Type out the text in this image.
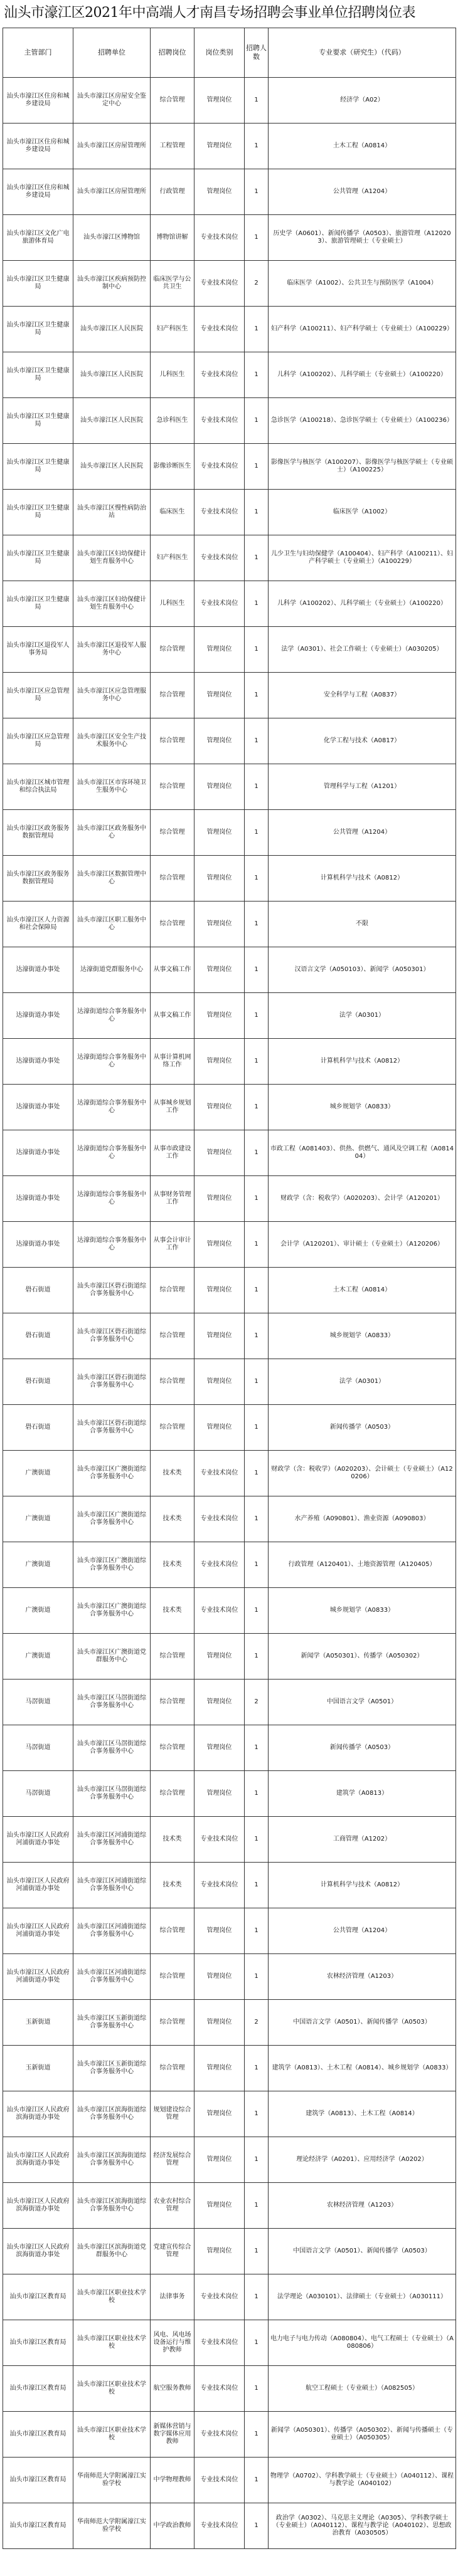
汕头市濠江区2021年中高端人才南昌专场招聘会事业单位招聘岗位表
主管部门	招聘单位	招聘岗位	岗位类别	招聘人数	专业要求（研究生）（代码）
汕头市濠江区住房和城乡建设局	汕头市濠江区房屋安全鉴定中心	综合管理	管理岗位	1	经济学（A02）
汕头市濠江区住房和城乡建设局	汕头市濠江区房屋管理所	工程管理	管理岗位	1	土木工程（A0814）
汕头市濠江区住房和城乡建设局	汕头市濠江区房屋管理所	行政管理	管理岗位	1	公共管理（A1204）
汕头市濠江区文化广电旅游体育局	汕头市濠江区博物馆	博物馆讲解	专业技术岗位	1	历史学（A0601）、新闻传播学（A0503）、旅游管理（A120203）、旅游管理硕士（专业硕士）
汕头市濠江区卫生健康局	汕头市濠江区疾病预防控制中心	临床医学与公共卫生	专业技术岗位	2	临床医学（A1002）、公共卫生与预防医学（A1004）
汕头市濠江区卫生健康局	汕头市濠江区人民医院	妇产科医生	专业技术岗位	1	妇产科学（A100211）、妇产科学硕士（专业硕士）（A100229）
汕头市濠江区卫生健康局	汕头市濠江区人民医院	儿科医生	专业技术岗位	1	儿科学（A100202）、儿科学硕士（专业硕士）（A100220）
汕头市濠江区卫生健康局	汕头市濠江区人民医院	急诊科医生	专业技术岗位	1	急诊医学（A100218）、急诊医学硕士（专业硕士）（A100236）
汕头市濠江区卫生健康局	汕头市濠江区人民医院	影像诊断医生	专业技术岗位	1	影像医学与核医学（A100207）、影像医学与核医学硕士（专业硕士）（A100225）
汕头市濠江区卫生健康局	汕头市濠江区慢性病防治站	临床医生	专业技术岗位	1	临床医学（A1002）
汕头市濠江区卫生健康局	汕头市濠江区妇幼保健计划生育服务中心	妇产科医生	专业技术岗位	1	儿少卫生与妇幼保健学（A100404）、妇产科学（A100211）、妇产科学硕士（专业硕士）（A100229）
汕头市濠江区卫生健康局	汕头市濠江区妇幼保健计划生育服务中心	儿科医生	专业技术岗位	1	儿科学（A100202）、儿科学硕士（专业硕士）（A100220）
汕头市濠江区退役军人事务局	汕头市濠江区退役军人服务中心	综合管理	管理岗位	1	法学（A0301）、社会工作硕士（专业硕士）（A030205）
汕头市濠江区应急管理局	汕头市濠江区应急管理服务中心	综合管理	管理岗位	1	安全科学与工程（A0837）
汕头市濠江区应急管理局	汕头市濠江区安全生产技术服务中心	综合管理	管理岗位	1	化学工程与技术（A0817）
汕头市濠江区城市管理和综合执法局	汕头市濠江区市容环境卫生服务中心	综合管理	管理岗位	1	管理科学与工程（A1201）
汕头市濠江区政务服务数据管理局	汕头市濠江区政务服务中心	综合管理	管理岗位	1	公共管理（A1204）
汕头市濠江区政务服务数据管理局	汕头市濠江区数据管理中心	综合管理	管理岗位	1	计算机科学与技术（A0812）
汕头市濠江区人力资源和社会保障局	汕头市濠江区职工服务中心	综合管理	管理岗位	1	不限
达濠街道办事处	达濠街道党群服务中心	从事文稿工作	管理岗位	1	汉语言文学（A050103）、新闻学（A050301）
达濠街道办事处	达濠街道综合事务服务中心	从事文稿工作	管理岗位	1	法学（A0301）
达濠街道办事处	达濠街道综合事务服务中心	从事计算机网络工作	管理岗位	1	计算机科学与技术（A0812）
达濠街道办事处	达濠街道综合事务服务中心	从事城乡规划工作	管理岗位	1	城乡规划学（A0833）
达濠街道办事处	达濠街道综合事务服务中心	从事市政建设工作	管理岗位	1	市政工程（A081403）、供热、供燃气、通风及空调工程（A081404）
达濠街道办事处	达濠街道综合事务服务中心	从事财务管理工作	管理岗位	1	财政学（含：税收学）（A020203）、会计学（A120201）
达濠街道办事处	达濠街道综合事务服务中心	从事会计审计工作	管理岗位	1	会计学（A120201）、审计硕士（专业硕士）（A120206）
礐石街道	汕头市濠江区礐石街道综合事务服务中心	综合管理	管理岗位	1	土木工程（A0814）
礐石街道	汕头市濠江区礐石街道综合事务服务中心	综合管理	管理岗位	1	城乡规划学（A0833）
礐石街道	汕头市濠江区礐石街道综合事务服务中心	综合管理	管理岗位	1	法学（A0301）
礐石街道	汕头市濠江区礐石街道综合事务服务中心	综合管理	管理岗位	1	新闻传播学（A0503）
广澳街道	汕头市濠江区广澳街道综合事务服务中心	技术类	专业技术岗位	1	财政学（含：税收学）（A020203）、会计硕士（专业硕士）（A120206）
广澳街道	汕头市濠江区广澳街道综合事务服务中心	技术类	专业技术岗位	1	水产养殖（A090801）、渔业资源（A090803）
广澳街道	汕头市濠江区广澳街道综合事务服务中心	技术类	专业技术岗位	1	行政管理（A120401）、土地资源管理（A120405）
广澳街道	汕头市濠江区广澳街道综合事务服务中心	技术类	专业技术岗位	1	城乡规划学（A0833）
广澳街道	汕头市濠江区广澳街道党群服务中心	综合管理	管理岗位	1	新闻学（A050301）、传播学（A050302）
马滘街道	汕头市濠江区马滘街道综合事务服务中心	综合管理	管理岗位	2	中国语言文学（A0501）
马滘街道	汕头市濠江区马滘街道综合事务服务中心	综合管理	管理岗位	1	新闻传播学（A0503）
马滘街道	汕头市濠江区马滘街道综合事务服务中心	综合管理	管理岗位	1	建筑学（A0813）
汕头市濠江区人民政府河浦街道办事处	汕头市濠江区河浦街道综合事务服务中心	技术类	专业技术岗位	1	工商管理（A1202）
汕头市濠江区人民政府河浦街道办事处	汕头市濠江区河浦街道综合事务服务中心	技术类	专业技术岗位	1	计算机科学与技术（A0812）
汕头市濠江区人民政府河浦街道办事处	汕头市濠江区河浦街道综合事务服务中心	综合管理	管理岗位	1	公共管理（A1204）
汕头市濠江区人民政府河浦街道办事处	汕头市濠江区河浦街道综合事务服务中心	综合管理	管理岗位	1	农林经济管理（A1203）
玉新街道	汕头市濠江区玉新街道综合事务服务中心	综合管理	管理岗位	2	中国语言文学（A0501）、新闻传播学（A0503）
玉新街道	汕头市濠江区玉新街道综合事务服务中心	综合管理	管理岗位	1	建筑学（A0813）、土木工程（A0814）、城乡规划学（A0833）
汕头市濠江区人民政府滨海街道办事处	汕头市濠江区滨海街道综合事务服务中心	规划建设综合管理	管理岗位	1	建筑学（A0813）、土木工程（A0814）
汕头市濠江区人民政府滨海街道办事处	汕头市濠江区滨海街道综合事务服务中心	经济发展综合管理	管理岗位	1	理论经济学（A0201）、应用经济学（A0202）
汕头市濠江区人民政府滨海街道办事处	汕头市濠江区滨海街道综合事务服务中心	农业农村综合管理	管理岗位	1	农林经济管理（A1203）
汕头市濠江区人民政府滨海街道办事处	汕头市濠江区滨海街道党群服务中心	党建宣传综合管理	管理岗位	1	中国语言文学（A0501）、新闻传播学（A0503）
汕头市濠江区教育局	汕头市濠江区职业技术学校	法律事务	专业技术岗位	1	法学理论（A030101）、法律硕士（专业硕士）（A030111）
汕头市濠江区教育局	汕头市濠江区职业技术学校	风电、风电场设备运行与维护教师	专业技术岗位	1	电力电子与电力传动（A080804）、电气工程硕士（专业硕士）（A080806）
汕头市濠江区教育局	汕头市濠江区职业技术学校	航空服务教师	专业技术岗位	1	航空工程硕士（专业硕士）（A082505）
汕头市濠江区教育局	汕头市濠江区职业技术学校	新媒体营销与数字媒体应用教师	专业技术岗位	1	新闻学（A050301）、传播学（A050302）、新闻与传播硕士（专业硕士）（A050305）
汕头市濠江区教育局	华南师范大学附属濠江实验学校	中学物理教师	专业技术岗位	1	物理学（A0702）、学科教学硕士（专业硕士）（A040112）、课程与教学论（A040102）
汕头市濠江区教育局	华南师范大学附属濠江实验学校	中学政治教师	专业技术岗位	1	政治学（A0302）、马克思主义理论（A0305）、学科教学硕士（专业硕士）（A040112）、课程与教学论（A040102）、思想政治教育（A030505）
